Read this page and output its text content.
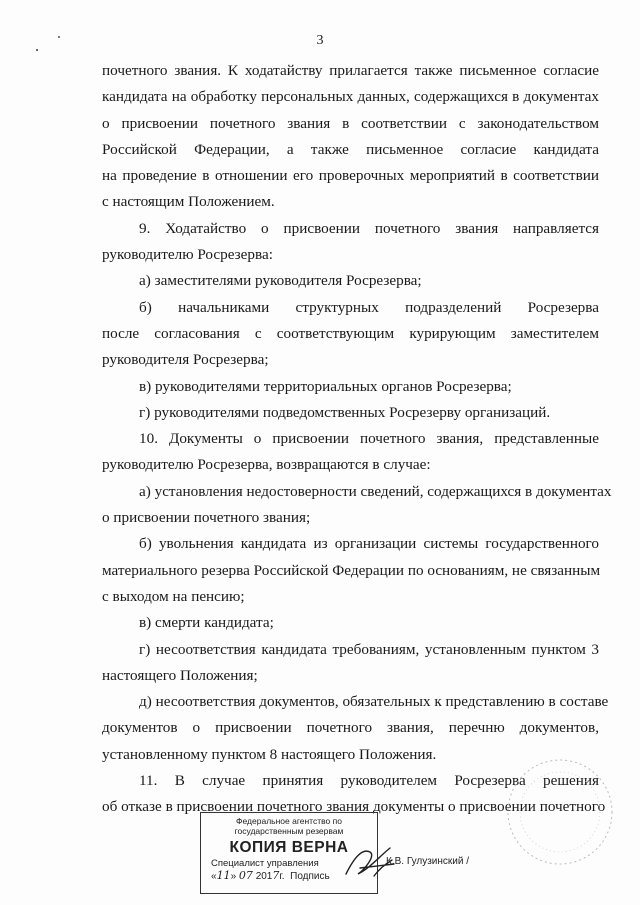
3
почетного звания. К ходатайству прилагается также письменное согласие
кандидата на обработку персональных данных, содержащихся в документах
о присвоении почетного звания в соответствии с законодательством
Российской Федерации, а также письменное согласие кандидата
на проведение в отношении его проверочных мероприятий в соответствии
с настоящим Положением.
9. Ходатайство о присвоении почетного звания направляется
руководителю Росрезерва:
а) заместителями руководителя Росрезерва;
б) начальниками структурных подразделений Росрезерва
после согласования с соответствующим курирующим заместителем
руководителя Росрезерва;
в) руководителями территориальных органов Росрезерва;
г) руководителями подведомственных Росрезерву организаций.
10. Документы о присвоении почетного звания, представленные
руководителю Росрезерва, возвращаются в случае:
а) установления недостоверности сведений, содержащихся в документах
о присвоении почетного звания;
б) увольнения кандидата из организации системы государственного
материального резерва Российской Федерации по основаниям, не связанным
с выходом на пенсию;
в) смерти кандидата;
г) несоответствия кандидата требованиям, установленным пунктом 3
настоящего Положения;
д) несоответствия документов, обязательных к представлению в составе
документов о присвоении почетного звания, перечню документов,
установленному пунктом 8 настоящего Положения.
11. В случае принятия руководителем Росрезерва решения
об отказе в присвоении почетного звания документы о присвоении почетного
Федеральное агентство по государственным резервам
КОПИЯ ВЕРНА
Специалист управления
«11» 07 2017г. Подпись
К.В. Гулузинский /
